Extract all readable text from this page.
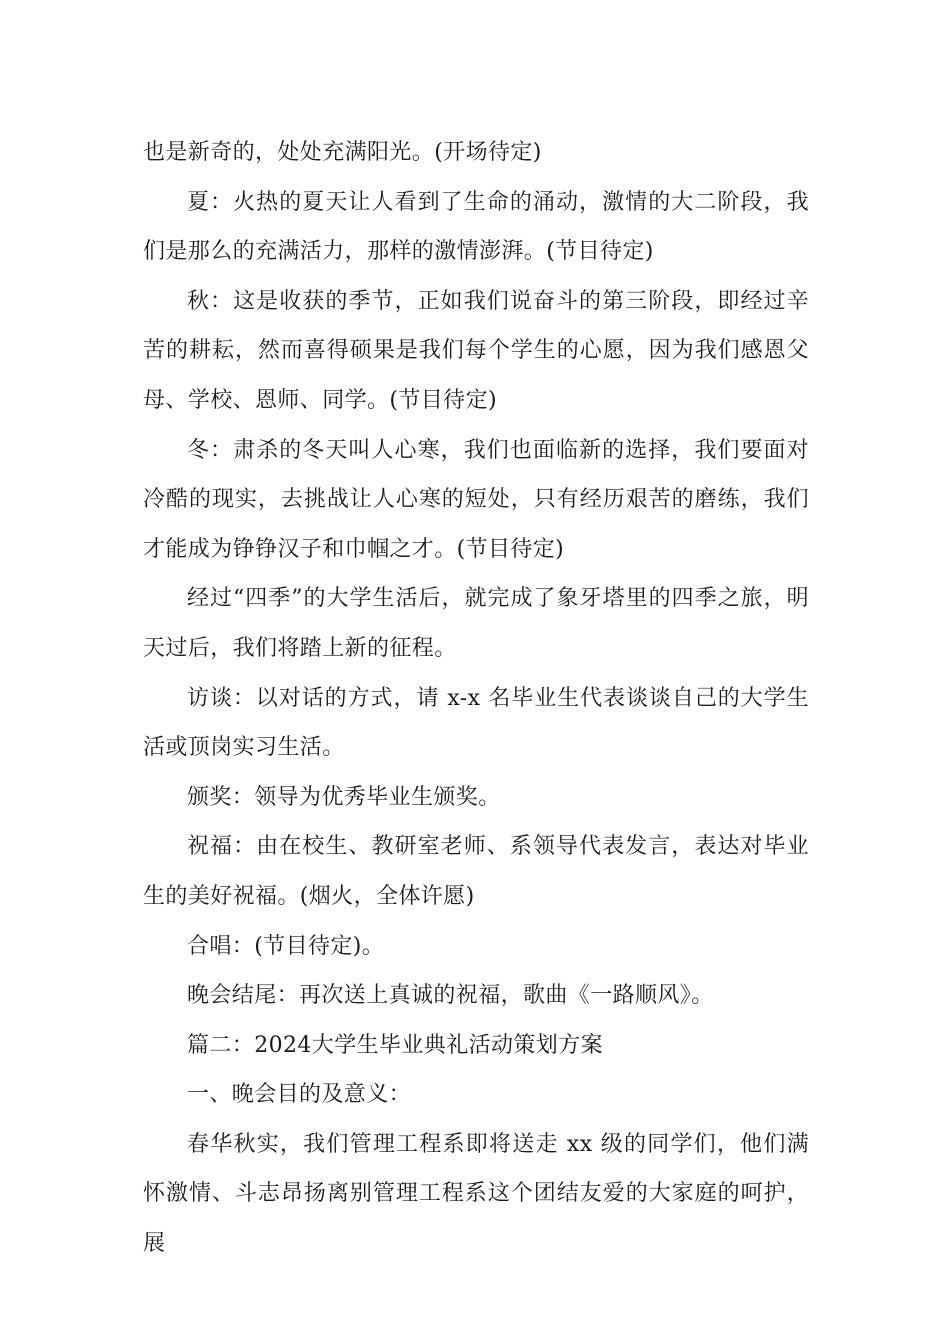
也是新奇的，处处充满阳光。(开场待定)

夏：火热的夏天让人看到了生命的涌动，激情的大二阶段，我们是那么的充满活力，那样的激情澎湃。(节目待定)

秋：这是收获的季节，正如我们说奋斗的第三阶段，即经过辛苦的耕耘，然而喜得硕果是我们每个学生的心愿，因为我们感恩父母、学校、恩师、同学。(节目待定)

冬：肃杀的冬天叫人心寒，我们也面临新的选择，我们要面对冷酷的现实，去挑战让人心寒的短处，只有经历艰苦的磨练，我们才能成为铮铮汉子和巾帼之才。(节目待定)

经过“四季”的大学生活后，就完成了象牙塔里的四季之旅，明天过后，我们将踏上新的征程。

访谈：以对话的方式，请 x-x 名毕业生代表谈谈自己的大学生活或顶岗实习生活。

颁奖：领导为优秀毕业生颁奖。

祝福：由在校生、教研室老师、系领导代表发言，表达对毕业生的美好祝福。(烟火，全体许愿)

合唱：(节目待定)。

晚会结尾：再次送上真诚的祝福，歌曲《一路顺风》。

篇二：2024大学生毕业典礼活动策划方案

一、晚会目的及意义：

春华秋实，我们管理工程系即将送走 xx 级的同学们，他们满怀激情、斗志昂扬离别管理工程系这个团结友爱的大家庭的呵护，展
